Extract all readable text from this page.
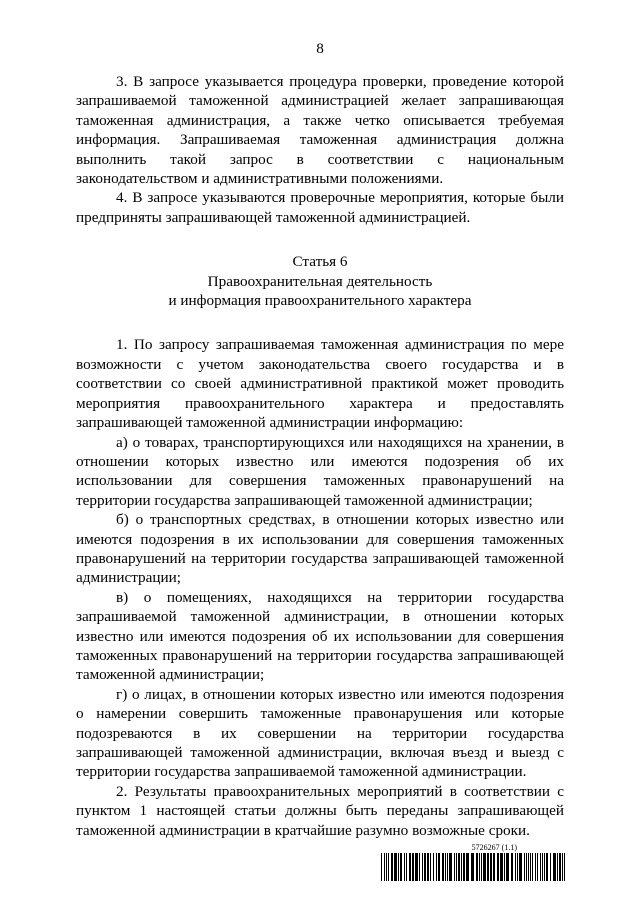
8

3. В запросе указывается процедура проверки, проведение которой запрашиваемой таможенной администрацией желает запрашивающая таможенная администрация, а также четко описывается требуемая информация. Запрашиваемая таможенная администрация должна выполнить такой запрос в соответствии с национальным законодательством и административными положениями.

4. В запросе указываются проверочные мероприятия, которые были предприняты запрашивающей таможенной администрацией.

Статья 6

Правоохранительная деятельность

и информация правоохранительного характера

1. По запросу запрашиваемая таможенная администрация по мере возможности с учетом законодательства своего государства и в соответствии со своей административной практикой может проводить мероприятия правоохранительного характера и предоставлять запрашивающей таможенной администрации информацию:

а) о товарах, транспортирующихся или находящихся на хранении, в отношении которых известно или имеются подозрения об их использовании для совершения таможенных правонарушений на территории государства запрашивающей таможенной администрации;

б) о транспортных средствах, в отношении которых известно или имеются подозрения в их использовании для совершения таможенных правонарушений на территории государства запрашивающей таможенной администрации;

в) о помещениях, находящихся на территории государства запрашиваемой таможенной администрации, в отношении которых известно или имеются подозрения об их использовании для совершения таможенных правонарушений на территории государства запрашивающей таможенной администрации;

г) о лицах, в отношении которых известно или имеются подозрения о намерении совершить таможенные правонарушения или которые подозреваются в их совершении на территории государства запрашивающей таможенной администрации, включая въезд и выезд с территории государства запрашиваемой таможенной администрации.

2. Результаты правоохранительных мероприятий в соответствии с пунктом 1 настоящей статьи должны быть переданы запрашивающей таможенной администрации в кратчайшие разумно возможные сроки.

5726267 (1.1)
